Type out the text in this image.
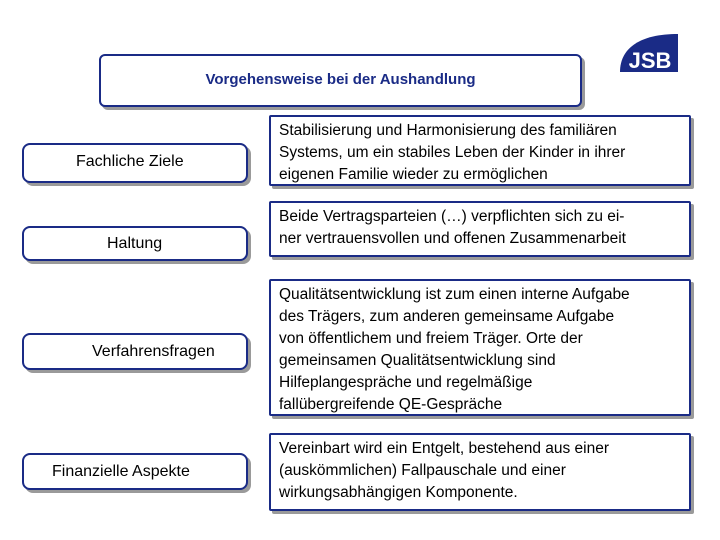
Vorgehensweise bei der Aushandlung
JSB
Fachliche Ziele
Stabilisierung und Harmonisierung des familiären
Systems, um ein stabiles Leben der Kinder in ihrer
eigenen Familie wieder zu ermöglichen
Haltung
Beide Vertragsparteien (…) verpflichten sich zu ei-
ner vertrauensvollen und offenen Zusammenarbeit
Verfahrensfragen
Qualitätsentwicklung ist zum einen interne Aufgabe
des Trägers, zum anderen gemeinsame Aufgabe
von öffentlichem und freiem Träger. Orte der
gemeinsamen Qualitätsentwicklung sind
Hilfeplangespräche und regelmäßige
fallübergreifende QE-Gespräche
Finanzielle Aspekte
Vereinbart wird ein Entgelt, bestehend aus einer
(auskömmlichen) Fallpauschale und einer
wirkungsabhängigen Komponente.
